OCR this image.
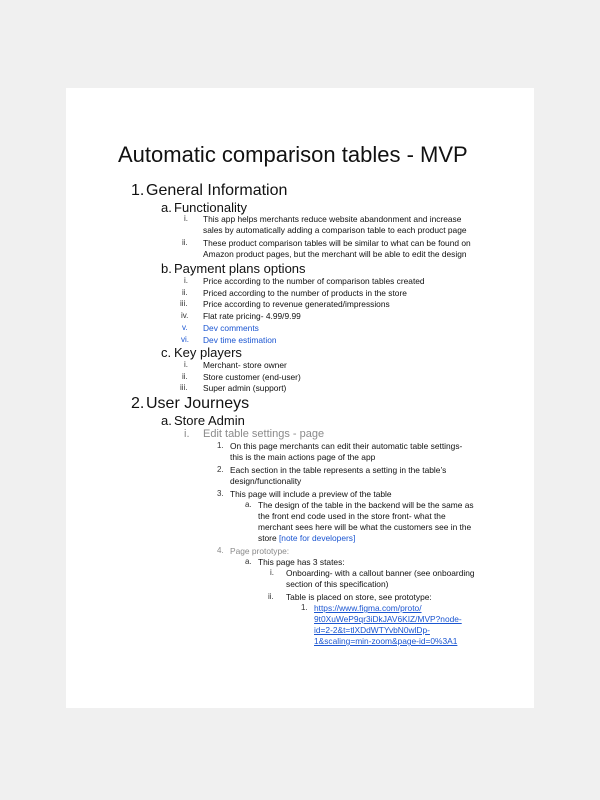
Automatic comparison tables - MVP
1. General Information
a. Functionality
i. This app helps merchants reduce website abandonment and increase
sales by automatically adding a comparison table to each product page
ii. These product comparison tables will be similar to what can be found on
Amazon product pages, but the merchant will be able to edit the design
b. Payment plans options
i. Price according to the number of comparison tables created
ii. Priced according to the number of products in the store
iii. Price according to revenue generated/impressions
iv. Flat rate pricing- 4.99/9.99
v. Dev comments
vi. Dev time estimation
c. Key players
i. Merchant- store owner
ii. Store customer (end-user)
iii. Super admin (support)
2. User Journeys
a. Store Admin
i. Edit table settings - page
1. On this page merchants can edit their automatic table settings-
this is the main actions page of the app
2. Each section in the table represents a setting in the table’s
design/functionality
3. This page will include a preview of the table
a. The design of the table in the backend will be the same as
the front end code used in the store front- what the
merchant sees here will be what the customers see in the
store [note for developers]
4. Page prototype:
a. This page has 3 states:
i. Onboarding- with a callout banner (see onboarding
section of this specification)
ii. Table is placed on store, see prototype:
1. https://www.figma.com/proto/
9t0XuWeP9qr3iDkJAV6KIZ/MVP?node-
id=2-2&t=tlXDdWTYvbN0wlDp-
1&scaling=min-zoom&page-id=0%3A1
